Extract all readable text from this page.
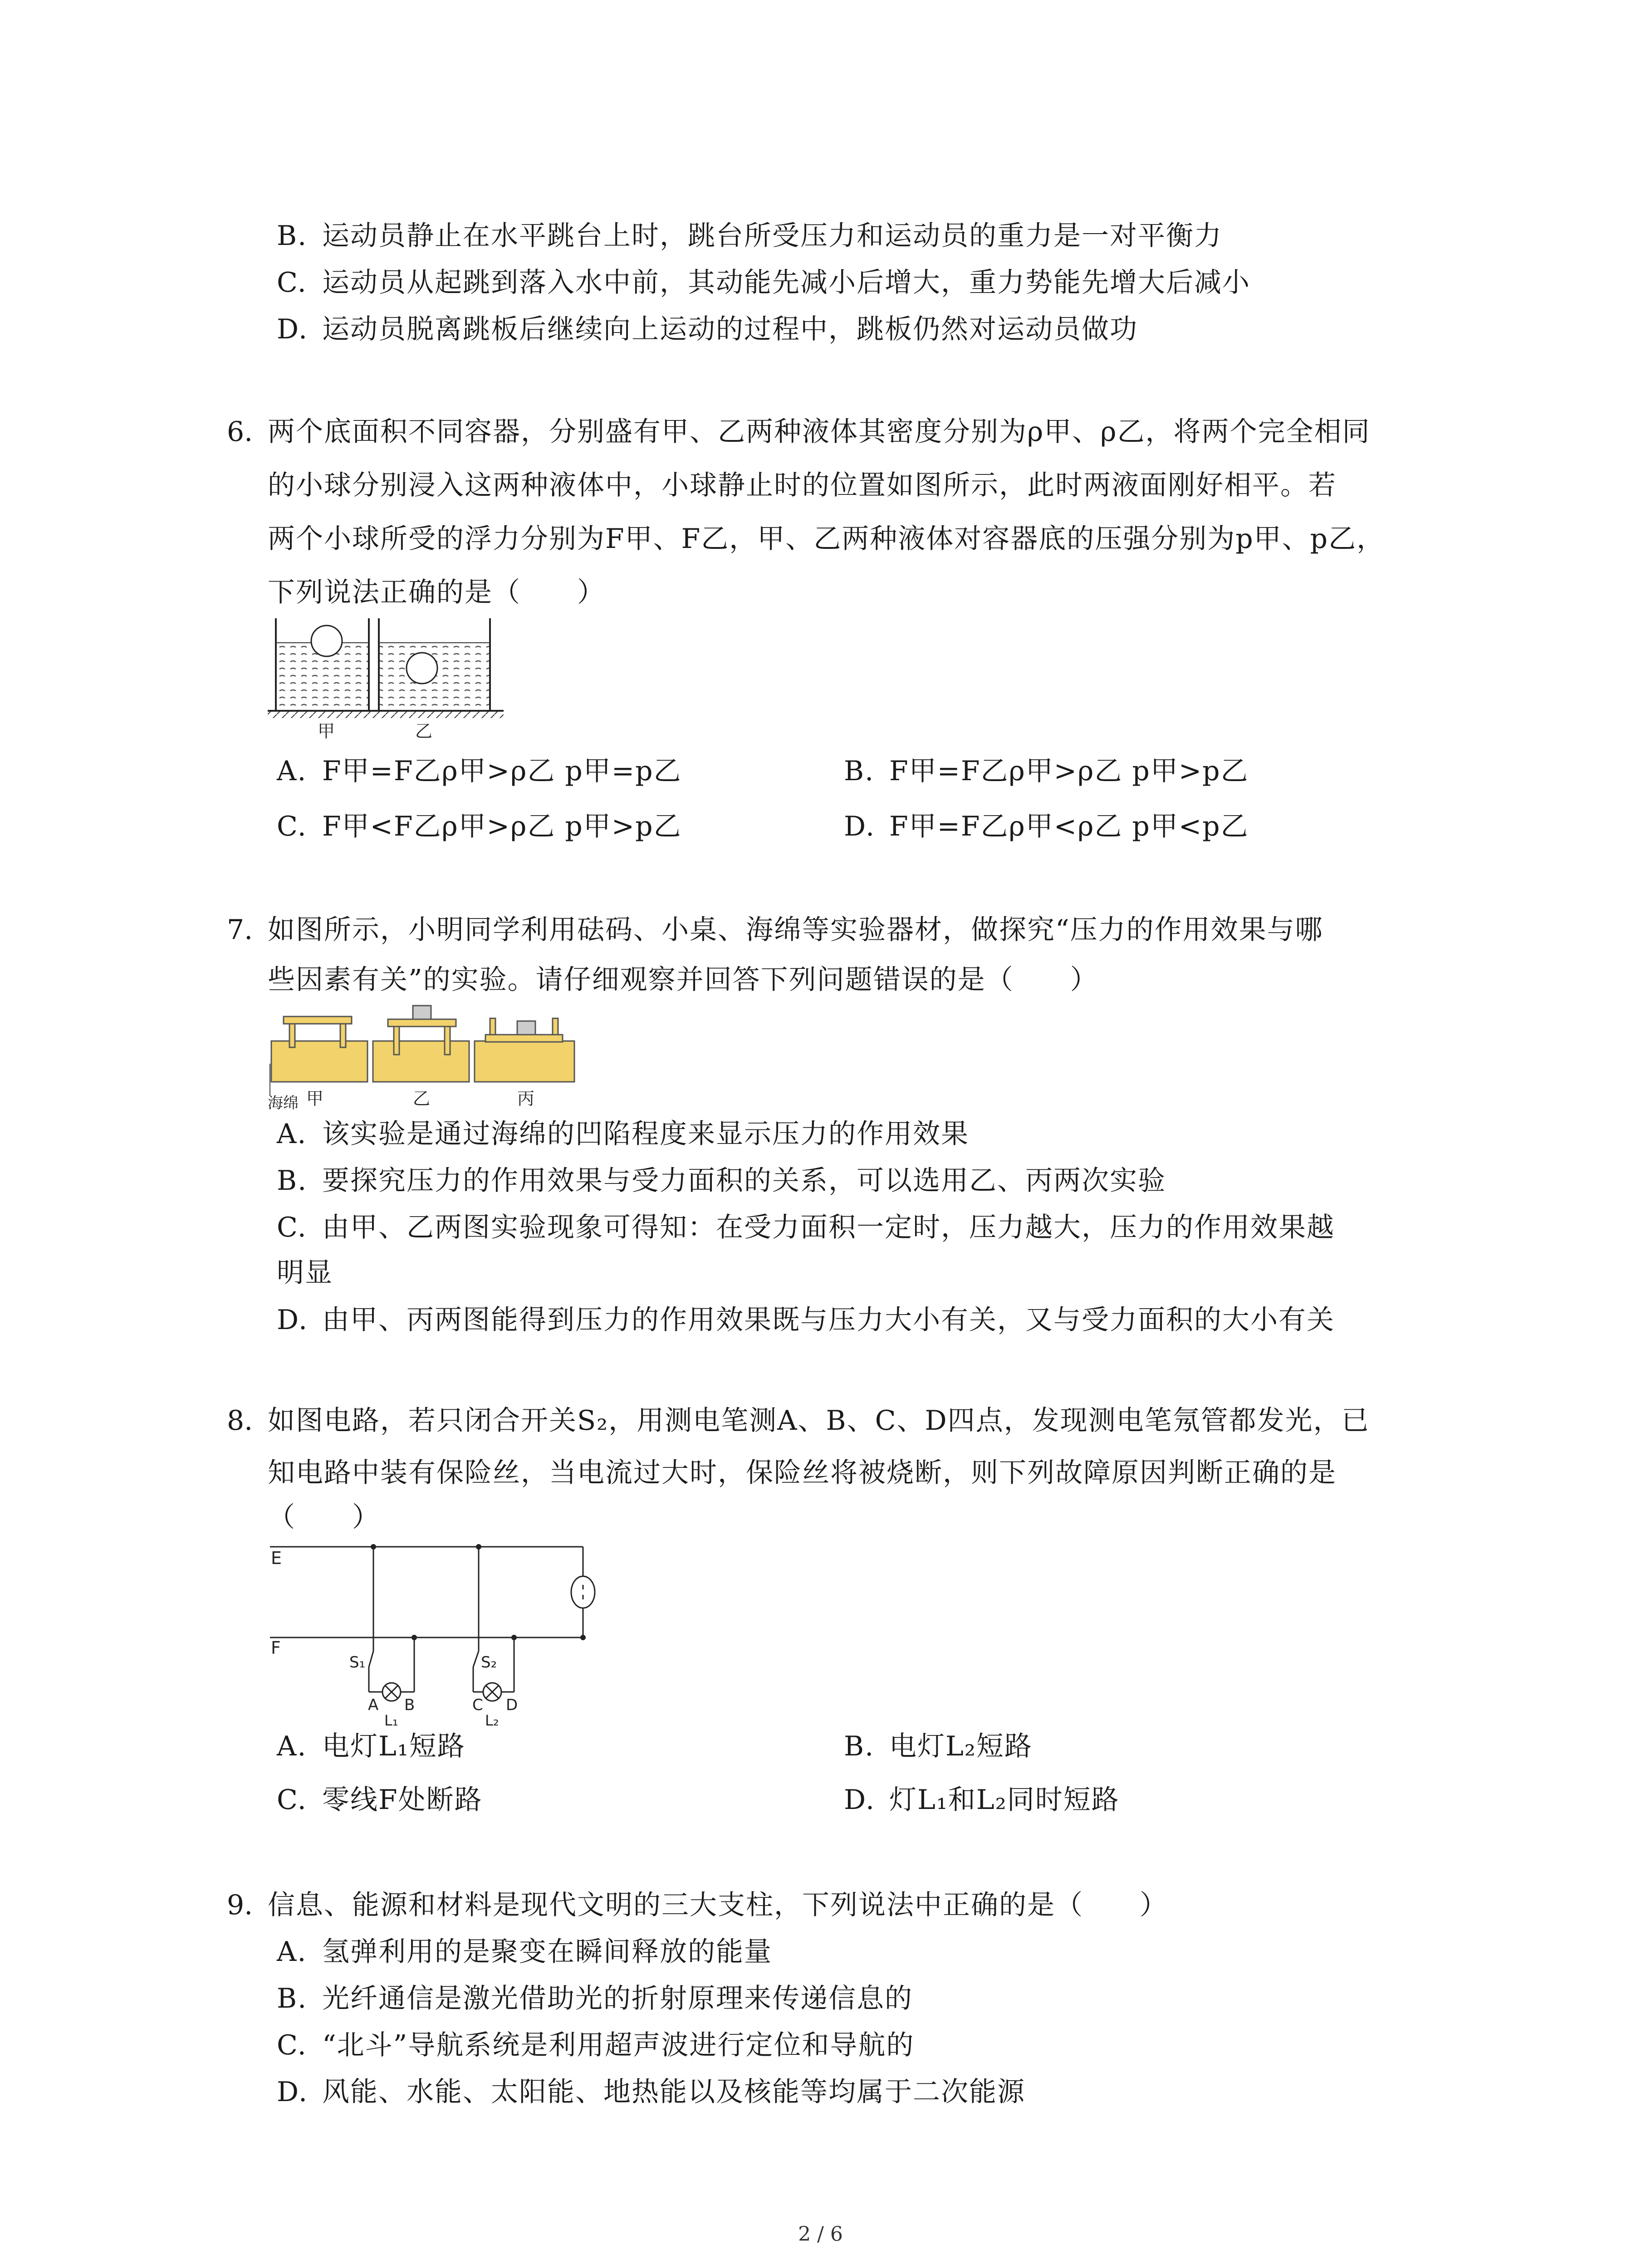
B. 运动员静止在水平跳台上时，跳台所受压力和运动员的重力是一对平衡力
C. 运动员从起跳到落入水中前，其动能先减小后增大，重力势能先增大后减小
D. 运动员脱离跳板后继续向上运动的过程中，跳板仍然对运动员做功
6. 两个底面积不同容器，分别盛有甲、乙两种液体其密度分别为ρ甲、ρ乙，将两个完全相同
的小球分别浸入这两种液体中，小球静止时的位置如图所示，此时两液面刚好相平。若
两个小球所受的浮力分别为F甲、F乙，甲、乙两种液体对容器底的压强分别为p甲、p乙，
下列说法正确的是（　　）
甲	乙
A. F甲=F乙ρ甲>ρ乙 p甲=p乙	B. F甲=F乙ρ甲>ρ乙 p甲>p乙
C. F甲<F乙ρ甲>ρ乙 p甲>p乙	D. F甲=F乙ρ甲<ρ乙 p甲<p乙
7. 如图所示，小明同学利用砝码、小桌、海绵等实验器材，做探究“压力的作用效果与哪
些因素有关”的实验。请仔细观察并回答下列问题错误的是（　　）
海绵 甲	乙	丙
A. 该实验是通过海绵的凹陷程度来显示压力的作用效果
B. 要探究压力的作用效果与受力面积的关系，可以选用乙、丙两次实验
C. 由甲、乙两图实验现象可得知：在受力面积一定时，压力越大，压力的作用效果越
明显
D. 由甲、丙两图能得到压力的作用效果既与压力大小有关，又与受力面积的大小有关
8. 如图电路，若只闭合开关S₂，用测电笔测A、B、C、D四点，发现测电笔氖管都发光，已
知电路中装有保险丝，当电流过大时，保险丝将被烧断，则下列故障原因判断正确的是
（　　）
E
F
S₁	S₂
A B	C D
L₁	L₂
A. 电灯L₁短路	B. 电灯L₂短路
C. 零线F处断路	D. 灯L₁和L₂同时短路
9. 信息、能源和材料是现代文明的三大支柱，下列说法中正确的是（　　）
A. 氢弹利用的是聚变在瞬间释放的能量
B. 光纤通信是激光借助光的折射原理来传递信息的
C. “北斗”导航系统是利用超声波进行定位和导航的
D. 风能、水能、太阳能、地热能以及核能等均属于二次能源
2 / 6
